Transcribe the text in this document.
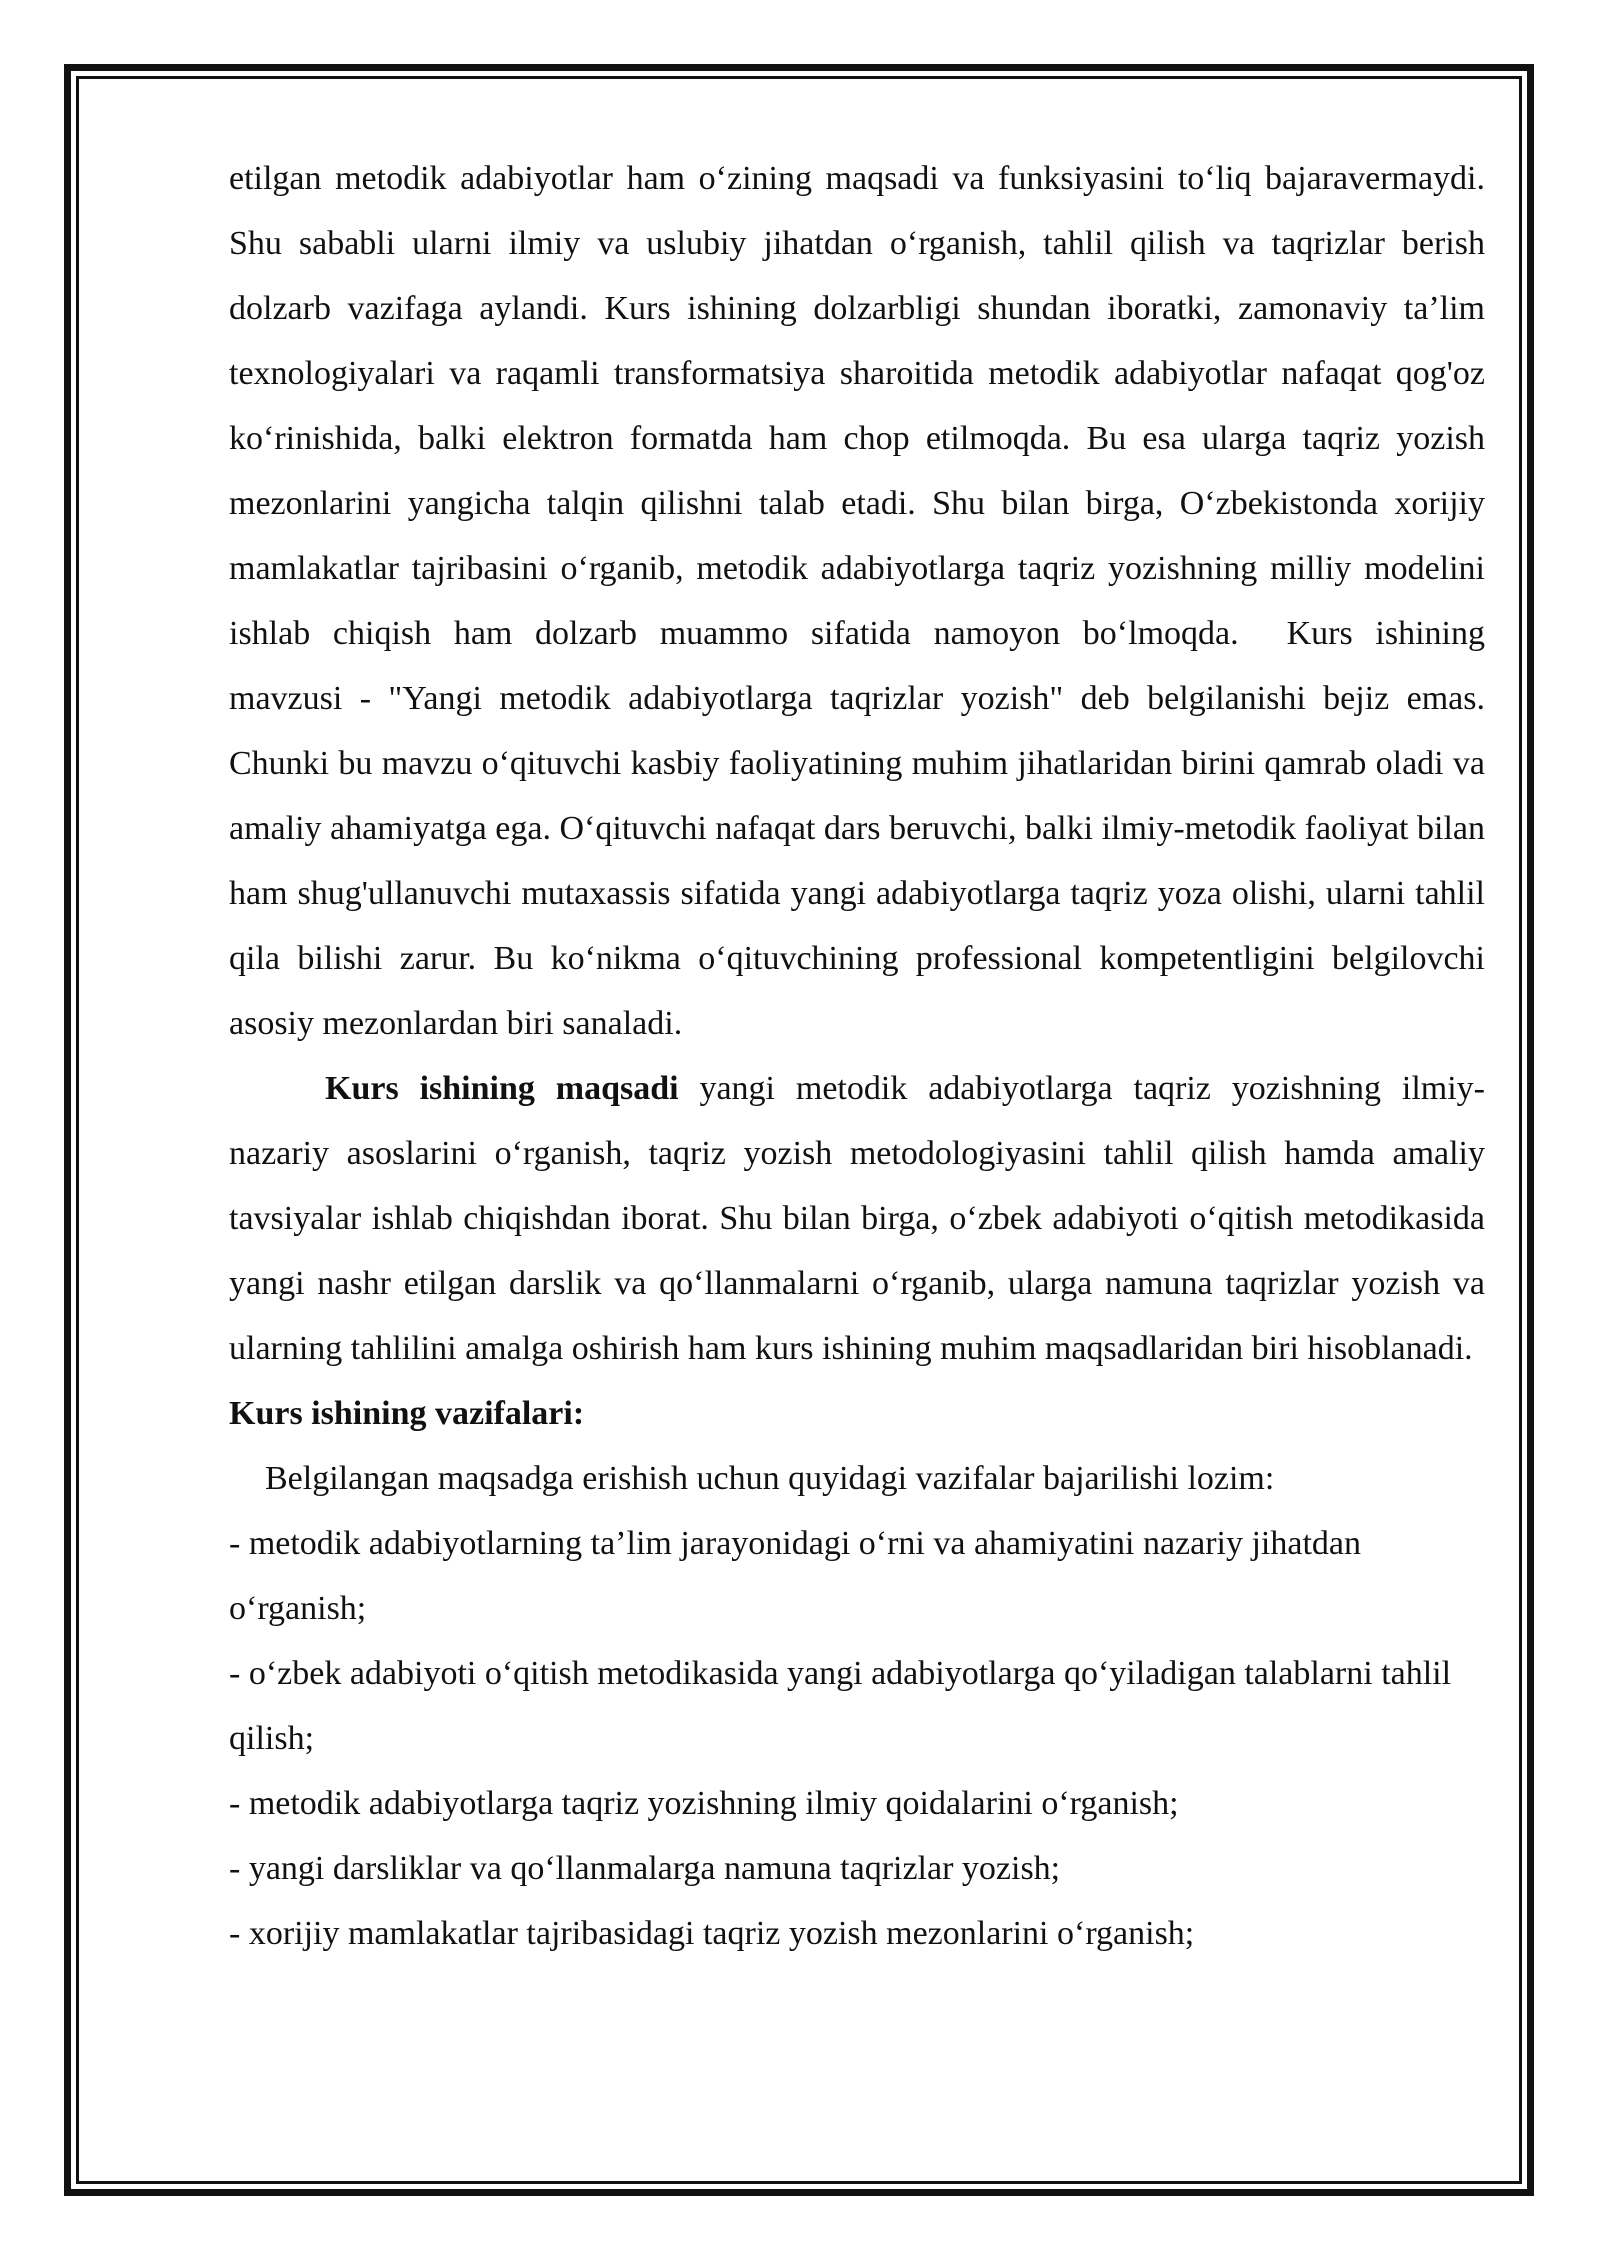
etilgan metodik adabiyotlar ham o‘zining maqsadi va funksiyasini to‘liq bajaravermaydi. Shu sababli ularni ilmiy va uslubiy jihatdan o‘rganish, tahlil qilish va taqrizlar berish dolzarb vazifaga aylandi. Kurs ishining dolzarbligi shundan iboratki, zamonaviy ta’lim texnologiyalari va raqamli transformatsiya sharoitida metodik adabiyotlar nafaqat qog'oz ko‘rinishida, balki elektron formatda ham chop etilmoqda. Bu esa ularga taqriz yozish mezonlarini yangicha talqin qilishni talab etadi. Shu bilan birga, O‘zbekistonda xorijiy mamlakatlar tajribasini o‘rganib, metodik adabiyotlarga taqriz yozishning milliy modelini ishlab chiqish ham dolzarb muammo sifatida namoyon bo‘lmoqda. Kurs ishining mavzusi - "Yangi metodik adabiyotlarga taqrizlar yozish" deb belgilanishi bejiz emas. Chunki bu mavzu o‘qituvchi kasbiy faoliyatining muhim jihatlaridan birini qamrab oladi va amaliy ahamiyatga ega. O‘qituvchi nafaqat dars beruvchi, balki ilmiy-metodik faoliyat bilan ham shug'ullanuvchi mutaxassis sifatida yangi adabiyotlarga taqriz yoza olishi, ularni tahlil qila bilishi zarur. Bu ko‘nikma o‘qituvchining professional kompetentligini belgilovchi asosiy mezonlardan biri sanaladi.

Kurs ishining maqsadi yangi metodik adabiyotlarga taqriz yozishning ilmiy-nazariy asoslarini o‘rganish, taqriz yozish metodologiyasini tahlil qilish hamda amaliy tavsiyalar ishlab chiqishdan iborat. Shu bilan birga, o‘zbek adabiyoti o‘qitish metodikasida yangi nashr etilgan darslik va qo‘llanmalarni o‘rganib, ularga namuna taqrizlar yozish va ularning tahlilini amalga oshirish ham kurs ishining muhim maqsadlaridan biri hisoblanadi.

Kurs ishining vazifalari:

Belgilangan maqsadga erishish uchun quyidagi vazifalar bajarilishi lozim:

- metodik adabiyotlarning ta’lim jarayonidagi o‘rni va ahamiyatini nazariy jihatdan o‘rganish;
- o‘zbek adabiyoti o‘qitish metodikasida yangi adabiyotlarga qo‘yiladigan talablarni tahlil qilish;
- metodik adabiyotlarga taqriz yozishning ilmiy qoidalarini o‘rganish;
- yangi darsliklar va qo‘llanmalarga namuna taqrizlar yozish;
- xorijiy mamlakatlar tajribasidagi taqriz yozish mezonlarini o‘rganish;
